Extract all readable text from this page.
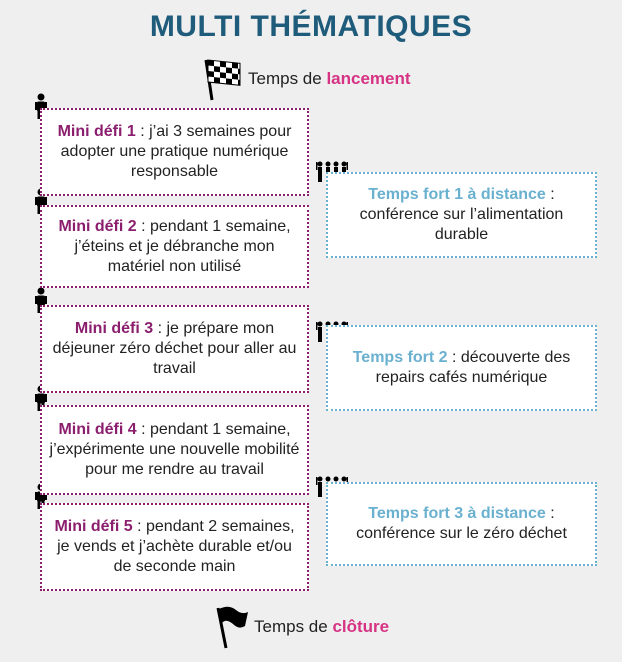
MULTI THÉMATIQUES
Temps de lancement
Mini défi 1 : j’ai 3 semaines pour adopter une pratique numérique responsable
Mini défi 2 : pendant 1 semaine, j’éteins et je débranche mon matériel non utilisé
Mini défi 3 : je prépare mon déjeuner zéro déchet pour aller au travail
Mini défi 4 : pendant 1 semaine, j’expérimente une nouvelle mobilité pour me rendre au travail
Mini défi 5 : pendant 2 semaines, je vends et j’achète durable et/ou de seconde main
Temps fort 1 à distance : conférence sur l’alimentation durable
Temps fort 2 : découverte des repairs cafés numérique
Temps fort 3 à distance : conférence sur le zéro déchet
Temps de clôture
